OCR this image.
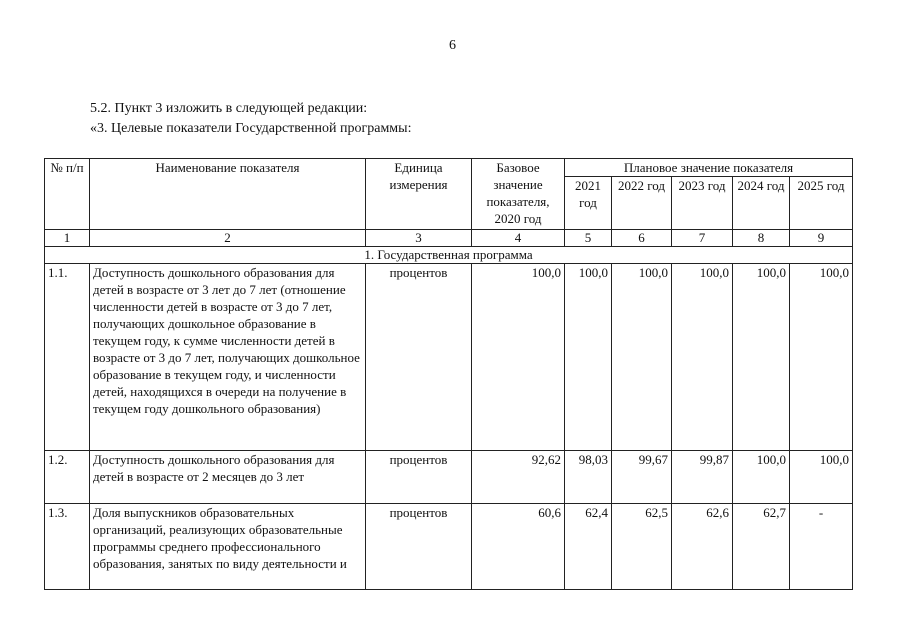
6
5.2. Пункт 3 изложить в следующей редакции:
«3. Целевые показатели Государственной программы:
№ п/п	Наименование показателя	Единица измерения	Базовое значение показателя, 2020 год	Плановое значение показателя				
				2021 год	2022 год	2023 год	2024 год	2025 год
1	2	3	4	5	6	7	8	9
1. Государственная программа								
1.1.	Доступность дошкольного образования для детей в возрасте от 3 лет до 7 лет (отношение численности детей в возрасте от 3 до 7 лет, получающих дошкольное образование в текущем году, к сумме численности детей в возрасте от 3 до 7 лет, получающих дошкольное образование в текущем году, и численности детей, находящихся в очереди на получение в текущем году дошкольного образования)	процентов	100,0	100,0	100,0	100,0	100,0	100,0
1.2.	Доступность дошкольного образования для детей в возрасте от 2 месяцев до 3 лет	процентов	92,62	98,03	99,67	99,87	100,0	100,0
1.3.	Доля выпускников образовательных организаций, реализующих образовательные программы среднего профессионального образования, занятых по виду деятельности и	процентов	60,6	62,4	62,5	62,6	62,7	-
